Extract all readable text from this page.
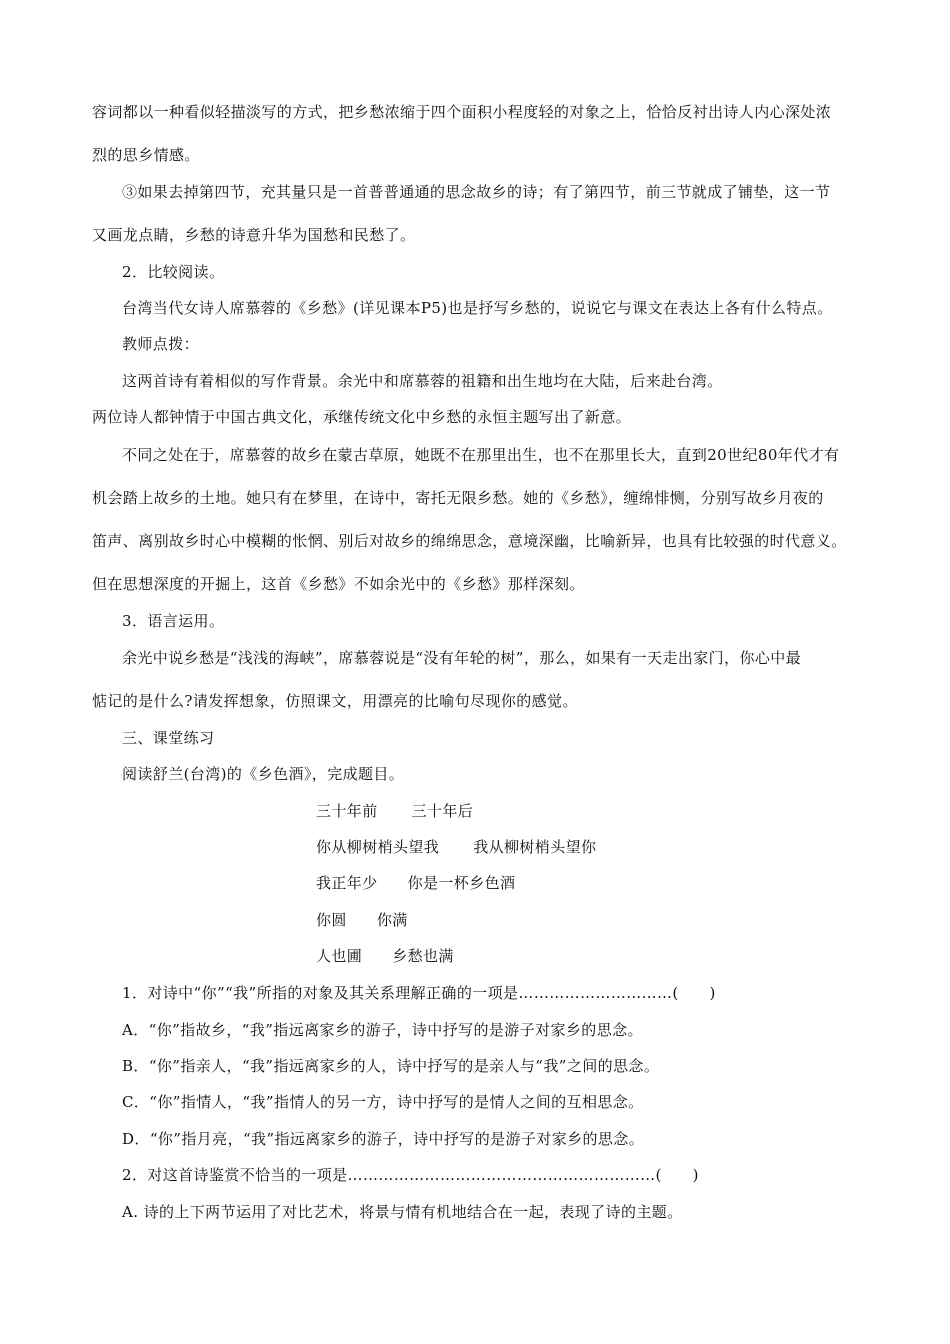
容词都以一种看似轻描淡写的方式，把乡愁浓缩于四个面积小程度轻的对象之上，恰恰反衬出诗人内心深处浓
烈的思乡情感。
③如果去掉第四节，充其量只是一首普普通通的思念故乡的诗；有了第四节，前三节就成了铺垫，这一节
又画龙点睛，乡愁的诗意升华为国愁和民愁了。
2．比较阅读。
台湾当代女诗人席慕蓉的《乡愁》(详见课本P5)也是抒写乡愁的，说说它与课文在表达上各有什么特点。
教师点拨：
这两首诗有着相似的写作背景。余光中和席慕蓉的祖籍和出生地均在大陆，后来赴台湾。
两位诗人都钟情于中国古典文化，承继传统文化中乡愁的永恒主题写出了新意。
不同之处在于，席慕蓉的故乡在蒙古草原，她既不在那里出生，也不在那里长大，直到20世纪80年代才有
机会踏上故乡的土地。她只有在梦里，在诗中，寄托无限乡愁。她的《乡愁》，缠绵悱恻，分别写故乡月夜的
笛声、离别故乡时心中模糊的怅惘、别后对故乡的绵绵思念，意境深幽，比喻新异，也具有比较强的时代意义。
但在思想深度的开掘上，这首《乡愁》不如余光中的《乡愁》那样深刻。
3．语言运用。
余光中说乡愁是“浅浅的海峡”，席慕蓉说是“没有年轮的树”，那么，如果有一天走出家门，你心中最
惦记的是什么?请发挥想象，仿照课文，用漂亮的比喻句尽现你的感觉。
三、课堂练习
阅读舒兰(台湾)的《乡色酒》，完成题目。
三十年前 三十年后
你从柳树梢头望我 我从柳树梢头望你
我正年少 你是一杯乡色酒
你圆 你满
人也圃 乡愁也满
1．对诗中“你”“我”所指的对象及其关系理解正确的一项是…………………………(　　)
A．“你”指故乡，“我”指远离家乡的游子，诗中抒写的是游子对家乡的思念。
B．“你”指亲人，“我”指远离家乡的人，诗中抒写的是亲人与“我”之间的思念。
C．“你”指情人，“我”指情人的另一方，诗中抒写的是情人之间的互相思念。
D．“你”指月亮，“我”指远离家乡的游子，诗中抒写的是游子对家乡的思念。
2．对这首诗鉴赏不恰当的一项是……………………………………………………(　　)
A. 诗的上下两节运用了对比艺术，将景与情有机地结合在一起，表现了诗的主题。
